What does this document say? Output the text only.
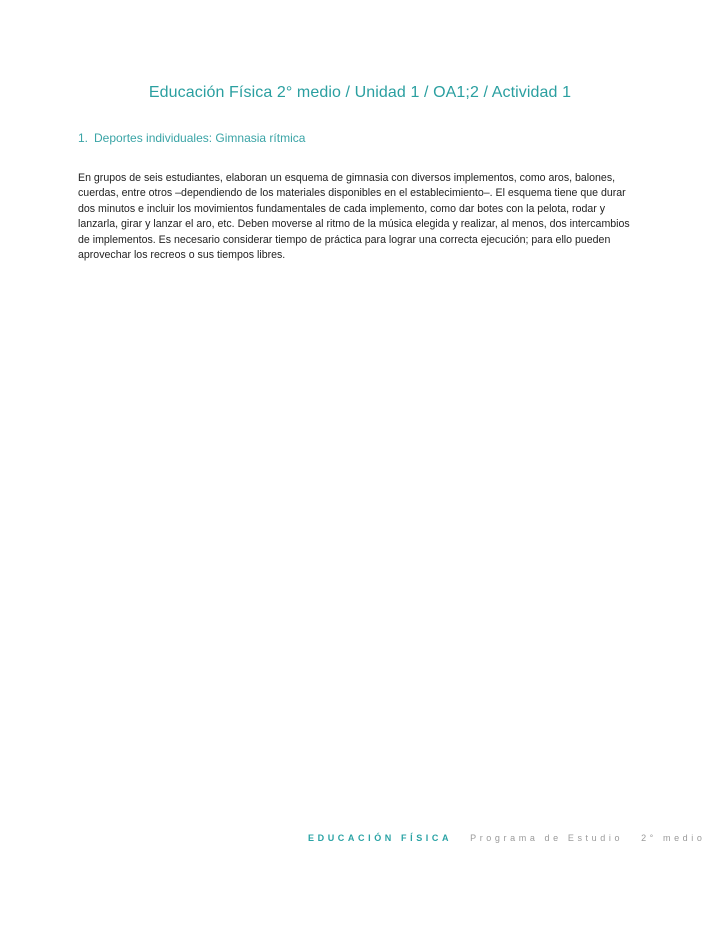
Educación Física 2° medio / Unidad 1 / OA1;2 / Actividad 1
1. Deportes individuales: Gimnasia rítmica

En grupos de seis estudiantes, elaboran un esquema de gimnasia con diversos implementos, como aros, balones, cuerdas, entre otros –dependiendo de los materiales disponibles en el establecimiento–. El esquema tiene que durar dos minutos e incluir los movimientos fundamentales de cada implemento, como dar botes con la pelota, rodar y lanzarla, girar y lanzar el aro, etc. Deben moverse al ritmo de la música elegida y realizar, al menos, dos intercambios de implementos. Es necesario considerar tiempo de práctica para lograr una correcta ejecución; para ello pueden aprovechar los recreos o sus tiempos libres.

EDUCACIÓN FÍSICA Programa de Estudio 2° medio
